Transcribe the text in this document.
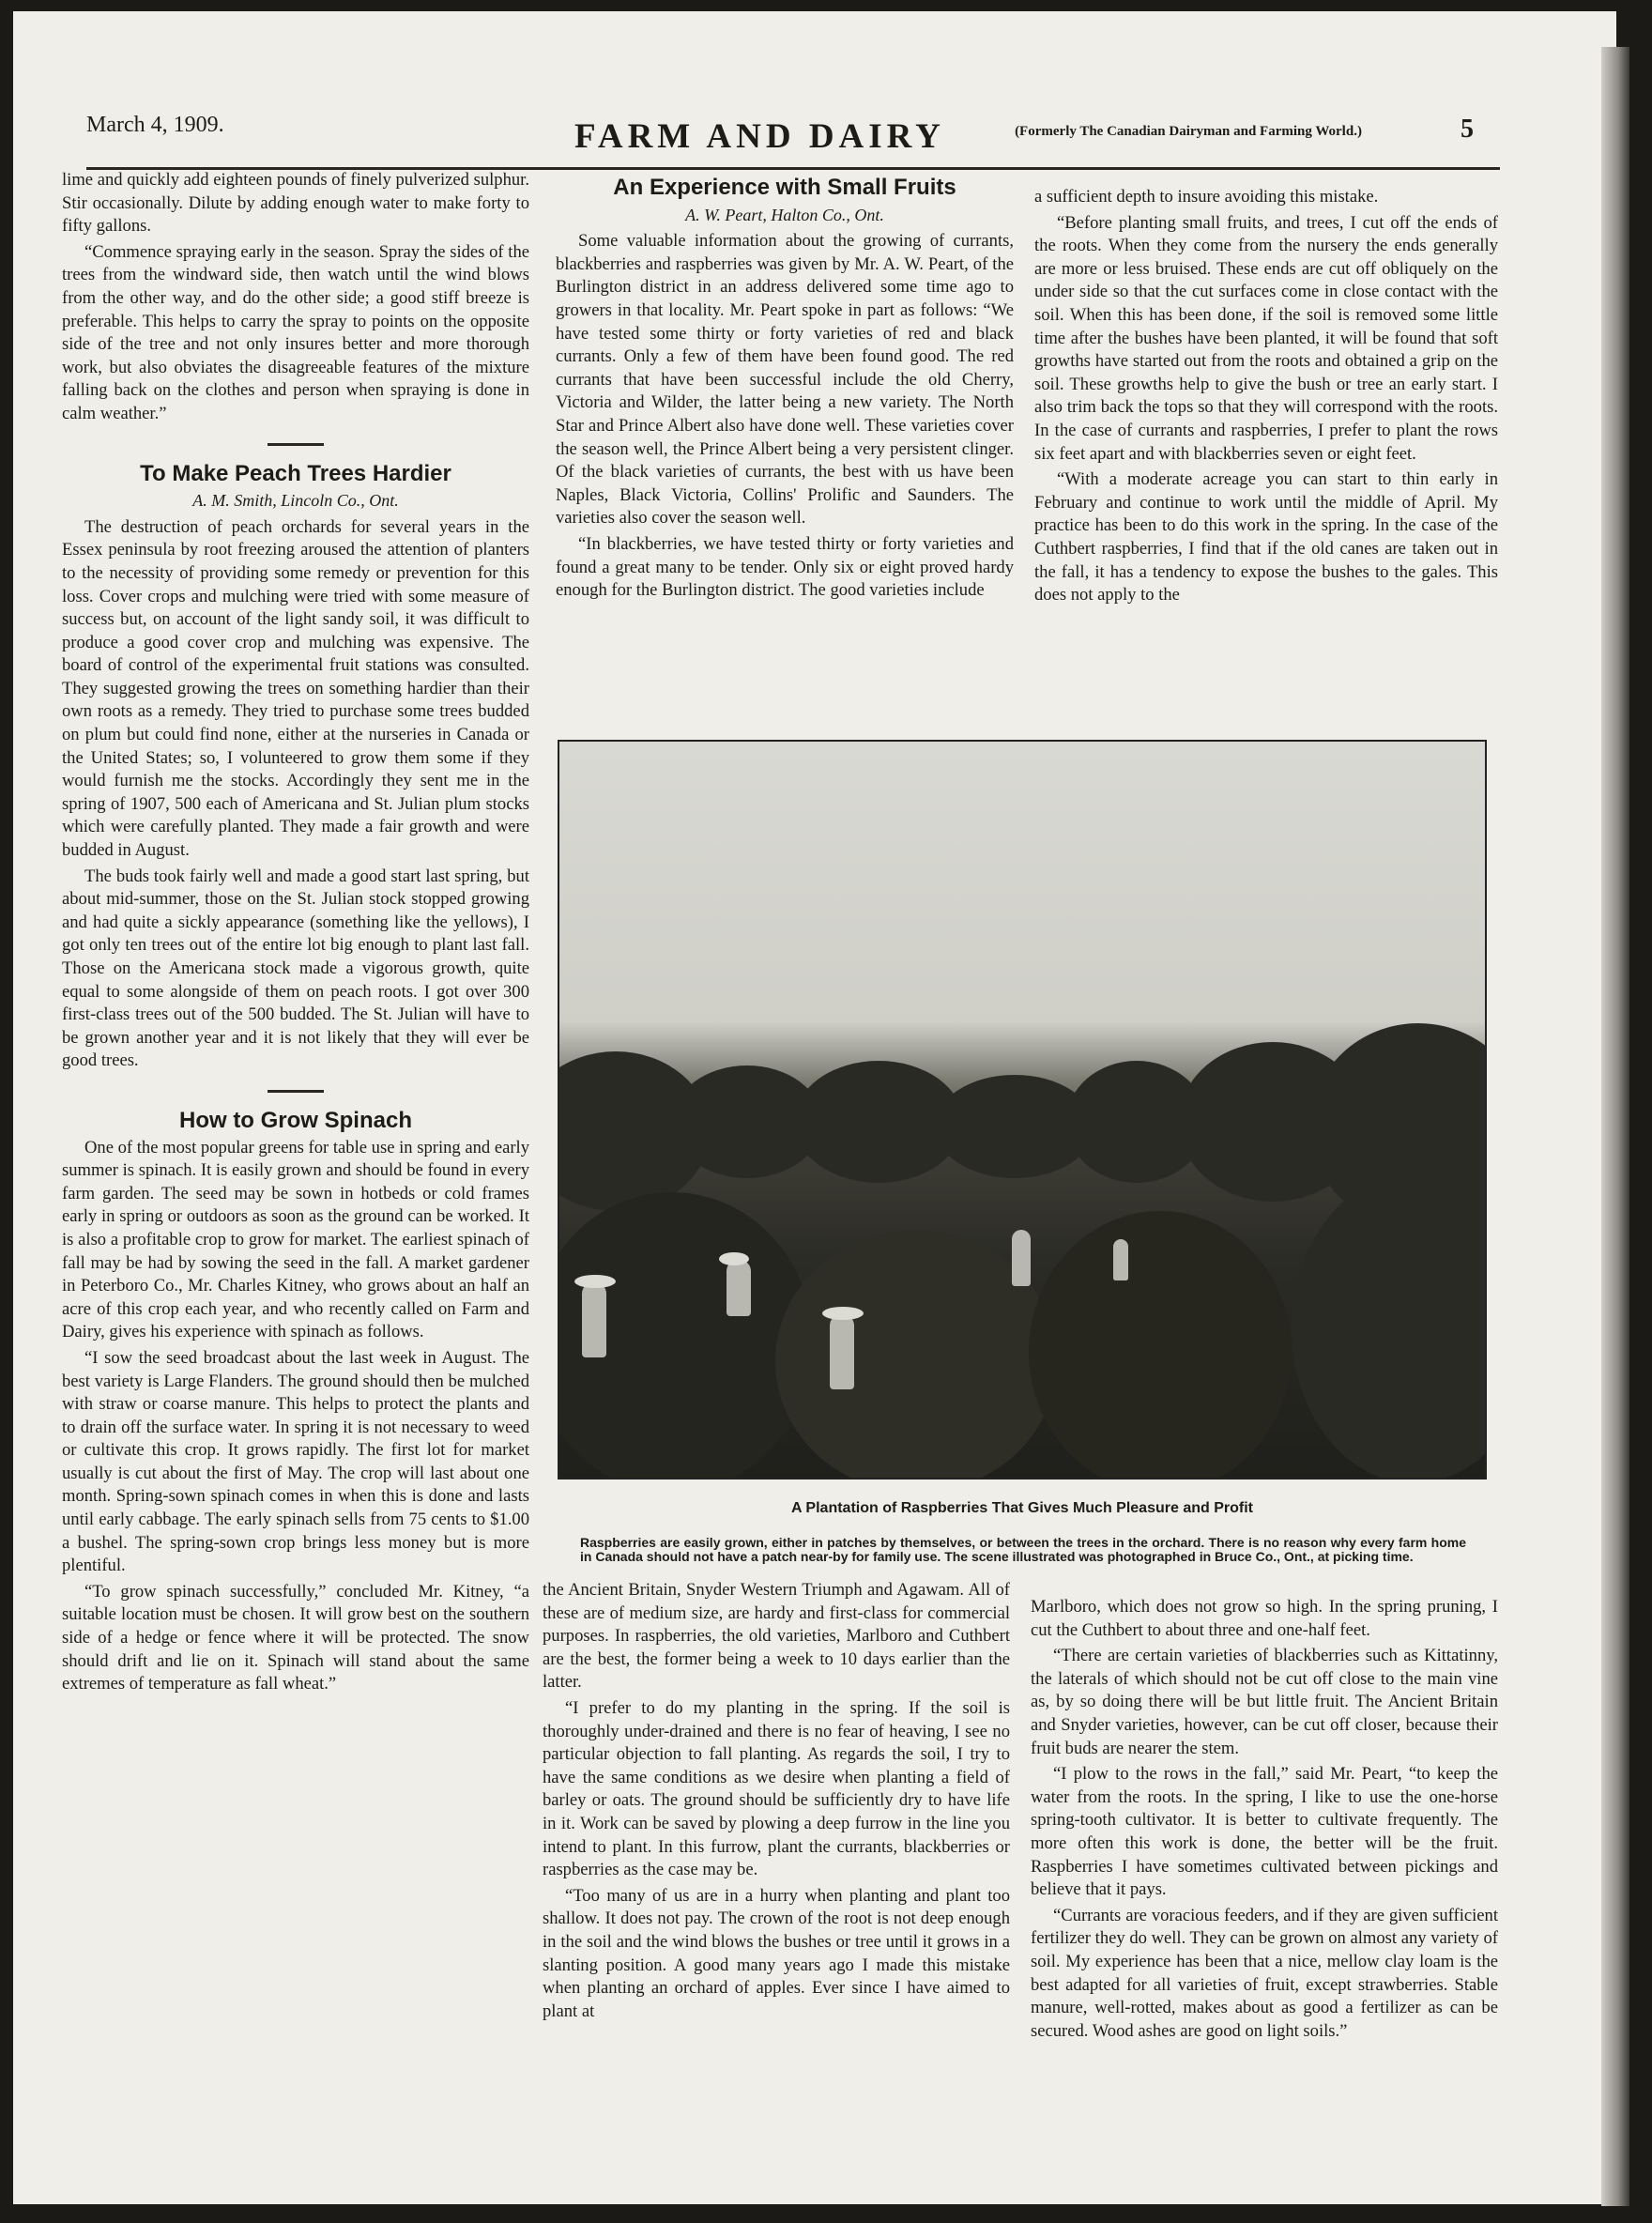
March 4, 1909.	FARM AND DAIRY	(Formerly The Canadian Dairyman and Farming World.)	5

lime and quickly add eighteen pounds of finely pulverized sulphur. Stir occasionally. Dilute by adding enough water to make forty to fifty gallons.

“Commence spraying early in the season. Spray the sides of the trees from the windward side, then watch until the wind blows from the other way, and do the other side; a good stiff breeze is preferable. This helps to carry the spray to points on the opposite side of the tree and not only insures better and more thorough work, but also obviates the disagreeable features of the mixture falling back on the clothes and person when spraying is done in calm weather.”

To Make Peach Trees Hardier
A. M. Smith, Lincoln Co., Ont.

The destruction of peach orchards for several years in the Essex peninsula by root freezing aroused the attention of planters to the necessity of providing some remedy or prevention for this loss. Cover crops and mulching were tried with some measure of success but, on account of the light sandy soil, it was difficult to produce a good cover crop and mulching was expensive. The board of control of the experimental fruit stations was consulted. They suggested growing the trees on something hardier than their own roots as a remedy. They tried to purchase some trees budded on plum but could find none, either at the nurseries in Canada or the United States; so, I volunteered to grow them some if they would furnish me the stocks. Accordingly they sent me in the spring of 1907, 500 each of Americana and St. Julian plum stocks which were carefully planted. They made a fair growth and were budded in August.

The buds took fairly well and made a good start last spring, but about mid-summer, those on the St. Julian stock stopped growing and had quite a sickly appearance (something like the yellows), I got only ten trees out of the entire lot big enough to plant last fall. Those on the Americana stock made a vigorous growth, quite equal to some alongside of them on peach roots. I got over 300 first-class trees out of the 500 budded. The St. Julian will have to be grown another year and it is not likely that they will ever be good trees.

How to Grow Spinach

One of the most popular greens for table use in spring and early summer is spinach. It is easily grown and should be found in every farm garden. The seed may be sown in hotbeds or cold frames early in spring or outdoors as soon as the ground can be worked. It is also a profitable crop to grow for market. The earliest spinach of fall may be had by sowing the seed in the fall. A market gardener in Peterboro Co., Mr. Charles Kitney, who grows about an half an acre of this crop each year, and who recently called on Farm and Dairy, gives his experience with spinach as follows.

“I sow the seed broadcast about the last week in August. The best variety is Large Flanders. The ground should then be mulched with straw or coarse manure. This helps to protect the plants and to drain off the surface water. In spring it is not necessary to weed or cultivate this crop. It grows rapidly. The first lot for market usually is cut about the first of May. The crop will last about one month. Spring-sown spinach comes in when this is done and lasts until early cabbage. The early spinach sells from 75 cents to $1.00 a bushel. The spring-sown crop brings less money but is more plentiful.

“To grow spinach successfully,” concluded Mr. Kitney, “a suitable location must be chosen. It will grow best on the southern side of a hedge or fence where it will be protected. The snow should drift and lie on it. Spinach will stand about the same extremes of temperature as fall wheat.”

An Experience with Small Fruits
A. W. Peart, Halton Co., Ont.

Some valuable information about the growing of currants, blackberries and raspberries was given by Mr. A. W. Peart, of the Burlington district in an address delivered some time ago to growers in that locality. Mr. Peart spoke in part as follows: “We have tested some thirty or forty varieties of red and black currants. Only a few of them have been found good. The red currants that have been successful include the old Cherry, Victoria and Wilder, the latter being a new variety. The North Star and Prince Albert also have done well. These varieties cover the season well, the Prince Albert being a very persistent clinger. Of the black varieties of currants, the best with us have been Naples, Black Victoria, Collins' Prolific and Saunders. The varieties also cover the season well.

“In blackberries, we have tested thirty or forty varieties and found a great many to be tender. Only six or eight proved hardy enough for the Burlington district. The good varieties include

a sufficient depth to insure avoiding this mistake.

“Before planting small fruits, and trees, I cut off the ends of the roots. When they come from the nursery the ends generally are more or less bruised. These ends are cut off obliquely on the under side so that the cut surfaces come in close contact with the soil. When this has been done, if the soil is removed some little time after the bushes have been planted, it will be found that soft growths have started out from the roots and obtained a grip on the soil. These growths help to give the bush or tree an early start. I also trim back the tops so that they will correspond with the roots. In the case of currants and raspberries, I prefer to plant the rows six feet apart and with blackberries seven or eight feet.

“With a moderate acreage you can start to thin early in February and continue to work until the middle of April. My practice has been to do this work in the spring. In the case of the Cuthbert raspberries, I find that if the old canes are taken out in the fall, it has a tendency to expose the bushes to the gales. This does not apply to the

A Plantation of Raspberries That Gives Much Pleasure and Profit
Raspberries are easily grown, either in patches by themselves, or between the trees in the orchard. There is no reason why every farm home in Canada should not have a patch near-by for family use. The scene illustrated was photographed in Bruce Co., Ont., at picking time.

the Ancient Britain, Snyder Western Triumph and Agawam. All of these are of medium size, are hardy and first-class for commercial purposes. In raspberries, the old varieties, Marlboro and Cuthbert are the best, the former being a week to 10 days earlier than the latter.

“I prefer to do my planting in the spring. If the soil is thoroughly under-drained and there is no fear of heaving, I see no particular objection to fall planting. As regards the soil, I try to have the same conditions as we desire when planting a field of barley or oats. The ground should be sufficiently dry to have life in it. Work can be saved by plowing a deep furrow in the line you intend to plant. In this furrow, plant the currants, blackberries or raspberries as the case may be.

“Too many of us are in a hurry when planting and plant too shallow. It does not pay. The crown of the root is not deep enough in the soil and the wind blows the bushes or tree until it grows in a slanting position. A good many years ago I made this mistake when planting an orchard of apples. Ever since I have aimed to plant at

Marlboro, which does not grow so high. In the spring pruning, I cut the Cuthbert to about three and one-half feet.

“There are certain varieties of blackberries such as Kittatinny, the laterals of which should not be cut off close to the main vine as, by so doing there will be but little fruit. The Ancient Britain and Snyder varieties, however, can be cut off closer, because their fruit buds are nearer the stem.

“I plow to the rows in the fall,” said Mr. Peart, “to keep the water from the roots. In the spring, I like to use the one-horse spring-tooth cultivator. It is better to cultivate frequently. The more often this work is done, the better will be the fruit. Raspberries I have sometimes cultivated between pickings and believe that it pays.

“Currants are voracious feeders, and if they are given sufficient fertilizer they do well. They can be grown on almost any variety of soil. My experience has been that a nice, mellow clay loam is the best adapted for all varieties of fruit, except strawberries. Stable manure, well-rotted, makes about as good a fertilizer as can be secured. Wood ashes are good on light soils.”
